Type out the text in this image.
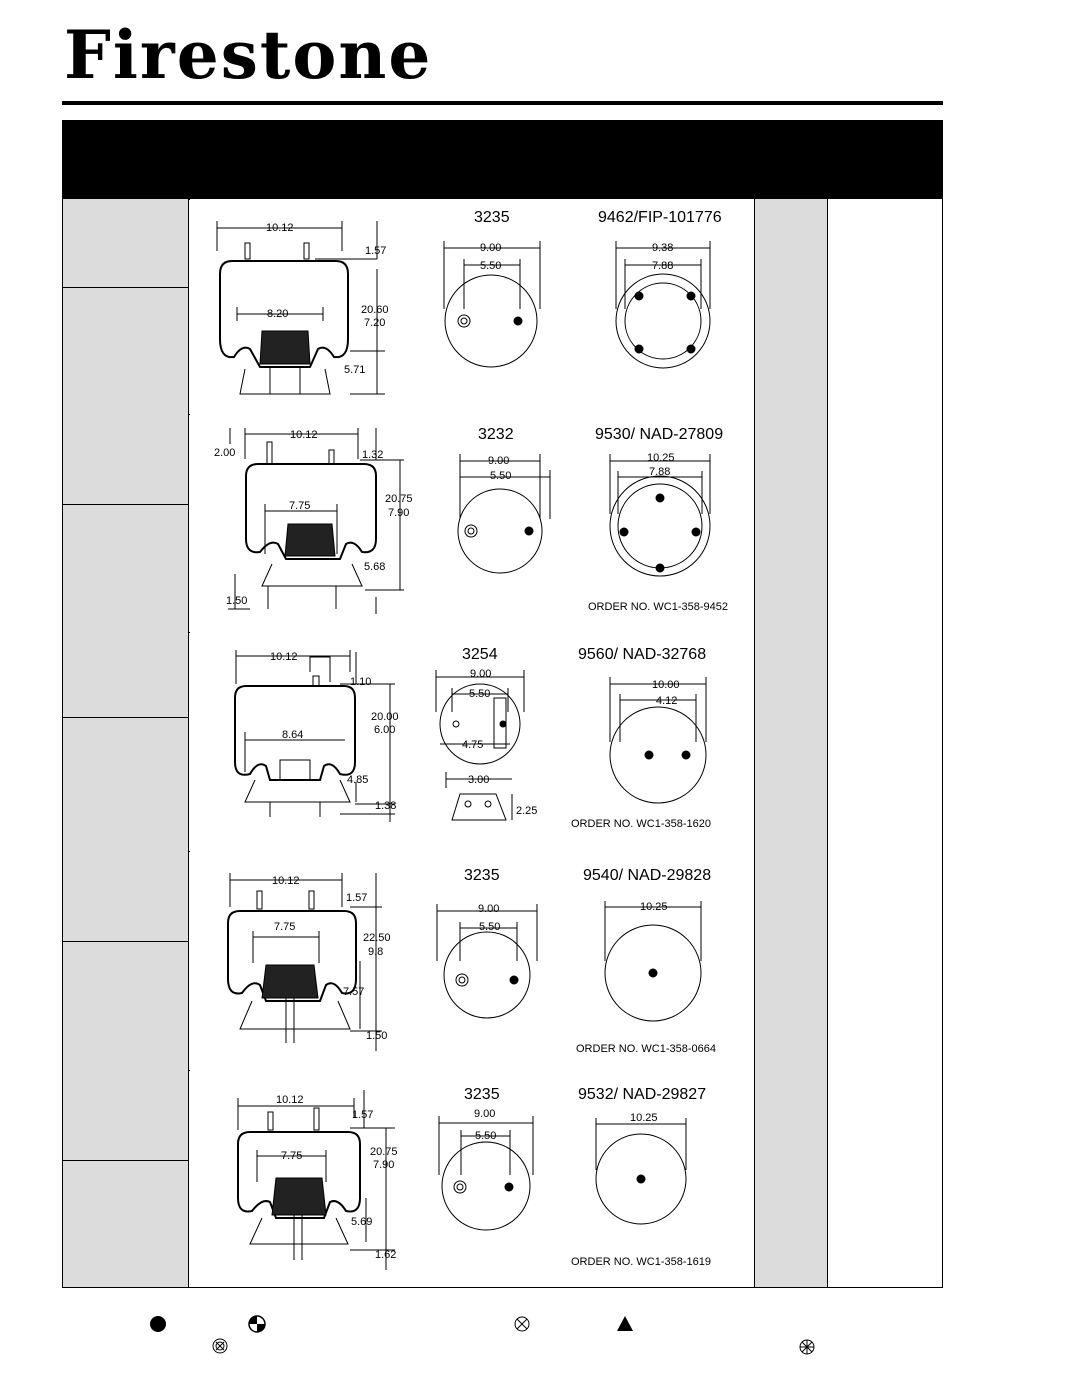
Firestone
10.12
1.57
8.20	20.60
7.20
5.71
9.00
5.50
9.38
7.88
3235	9462/FIP-101776
10.12
2.00	1.32
7.75
20.75
7.90
5.68
1.50
9.00
5.50
10.25
7.88
3232	9530/ NAD-27809
ORDER NO. WC1-358-9452
10.12
1.10
8.64
20.00
6.00
4.85
1.38
9.00
5.50
4.75
3.00
2.25
10.00
4.12
3254	9560/ NAD-32768
ORDER NO. WC1-358-1620
10.12
1.57
7.75
22.50
9.8
7.57
1.50
9.00
5.50
10.25
3235	9540/ NAD-29828
ORDER NO. WC1-358-0664
10.12
1.57
7.75	20.75
7.90
5.69
1.62
9.00
5.50
10.25
3235	9532/ NAD-29827
ORDER NO. WC1-358-1619
